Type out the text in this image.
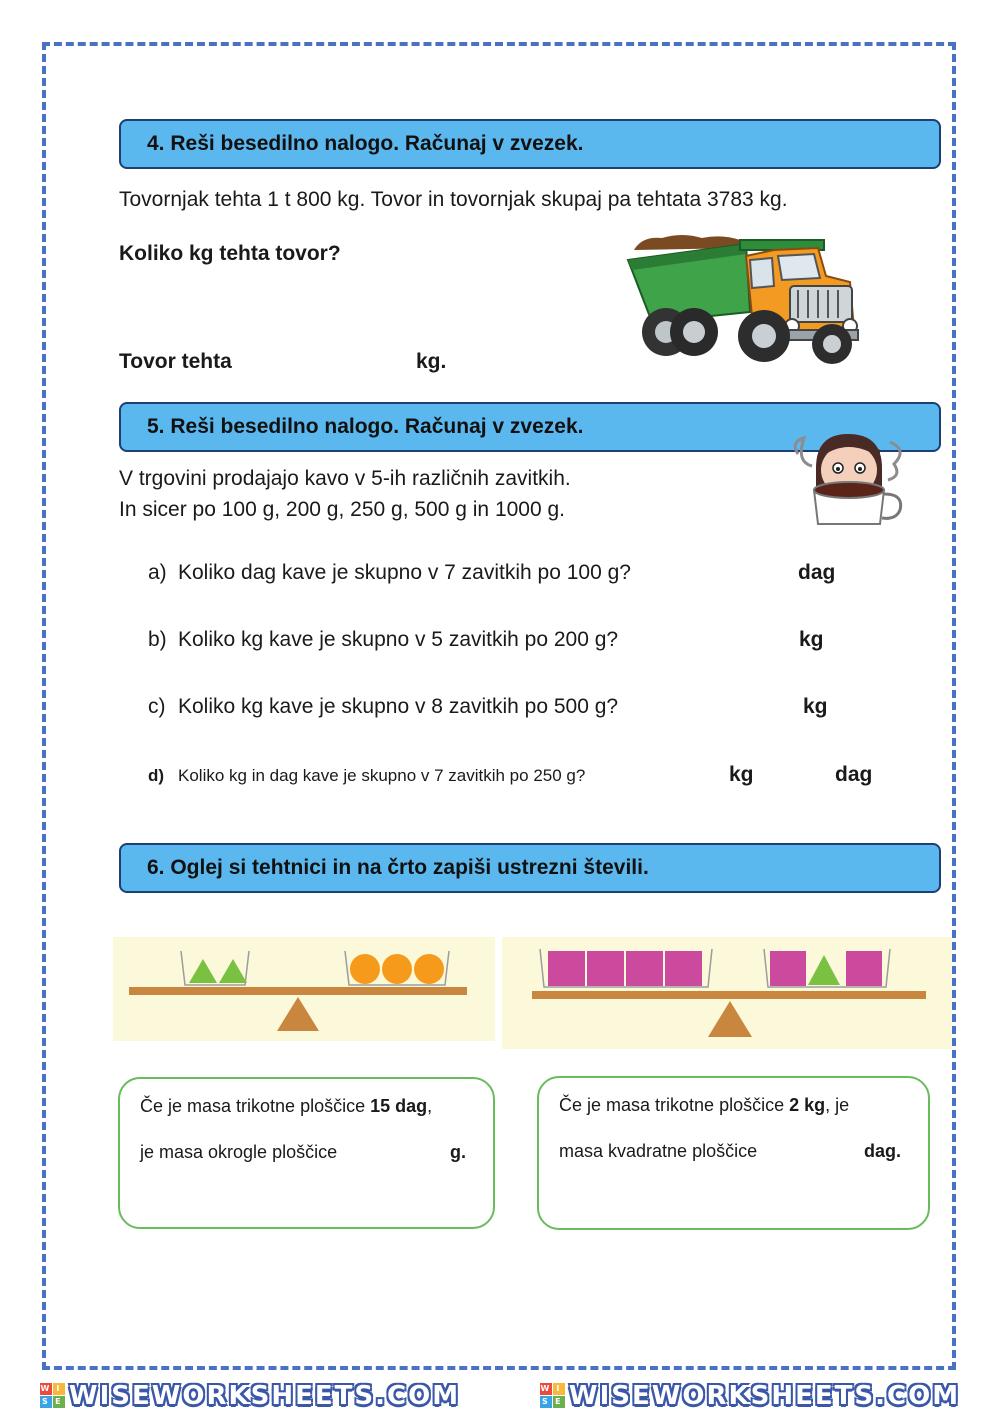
4. Reši besedilno nalogo. Računaj v zvezek.
Tovornjak tehta 1 t 800 kg. Tovor in tovornjak skupaj pa tehtata 3783 kg.
Koliko kg tehta tovor?
Tovor tehta	kg.
5. Reši besedilno nalogo. Računaj v zvezek.
V trgovini prodajajo kavo v 5-ih različnih zavitkih.
In sicer po 100 g, 200 g, 250 g, 500 g in 1000 g.
a) Koliko dag kave je skupno v 7 zavitkih po 100 g?	dag
b) Koliko kg kave je skupno v 5 zavitkih po 200 g?	kg
c) Koliko kg kave je skupno v 8 zavitkih po 500 g?	kg
d) Koliko kg in dag kave je skupno v 7 zavitkih po 250 g?	kg	dag
6. Oglej si tehtnici in na črto zapiši ustrezni števili.
Če je masa trikotne ploščice 15 dag,
je masa okrogle ploščice	g.
Če je masa trikotne ploščice 2 kg, je
masa kvadratne ploščice	dag.
W I
S E WISEWORKSHEETS.COM	W I
S E WISEWORKSHEETS.COM
